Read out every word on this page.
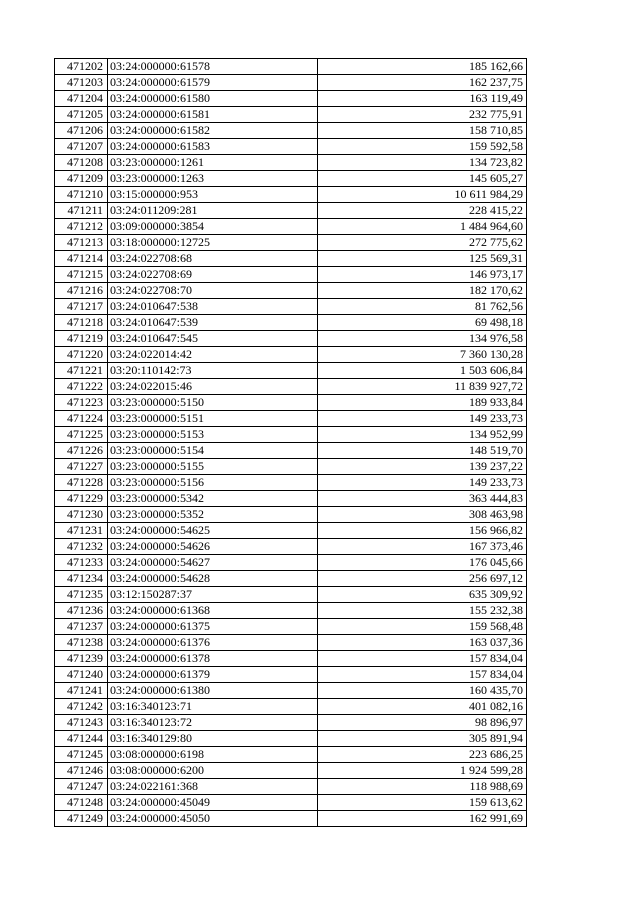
471202	03:24:000000:61578	185 162,66
471203	03:24:000000:61579	162 237,75
471204	03:24:000000:61580	163 119,49
471205	03:24:000000:61581	232 775,91
471206	03:24:000000:61582	158 710,85
471207	03:24:000000:61583	159 592,58
471208	03:23:000000:1261	134 723,82
471209	03:23:000000:1263	145 605,27
471210	03:15:000000:953	10 611 984,29
471211	03:24:011209:281	228 415,22
471212	03:09:000000:3854	1 484 964,60
471213	03:18:000000:12725	272 775,62
471214	03:24:022708:68	125 569,31
471215	03:24:022708:69	146 973,17
471216	03:24:022708:70	182 170,62
471217	03:24:010647:538	81 762,56
471218	03:24:010647:539	69 498,18
471219	03:24:010647:545	134 976,58
471220	03:24:022014:42	7 360 130,28
471221	03:20:110142:73	1 503 606,84
471222	03:24:022015:46	11 839 927,72
471223	03:23:000000:5150	189 933,84
471224	03:23:000000:5151	149 233,73
471225	03:23:000000:5153	134 952,99
471226	03:23:000000:5154	148 519,70
471227	03:23:000000:5155	139 237,22
471228	03:23:000000:5156	149 233,73
471229	03:23:000000:5342	363 444,83
471230	03:23:000000:5352	308 463,98
471231	03:24:000000:54625	156 966,82
471232	03:24:000000:54626	167 373,46
471233	03:24:000000:54627	176 045,66
471234	03:24:000000:54628	256 697,12
471235	03:12:150287:37	635 309,92
471236	03:24:000000:61368	155 232,38
471237	03:24:000000:61375	159 568,48
471238	03:24:000000:61376	163 037,36
471239	03:24:000000:61378	157 834,04
471240	03:24:000000:61379	157 834,04
471241	03:24:000000:61380	160 435,70
471242	03:16:340123:71	401 082,16
471243	03:16:340123:72	98 896,97
471244	03:16:340129:80	305 891,94
471245	03:08:000000:6198	223 686,25
471246	03:08:000000:6200	1 924 599,28
471247	03:24:022161:368	118 988,69
471248	03:24:000000:45049	159 613,62
471249	03:24:000000:45050	162 991,69
